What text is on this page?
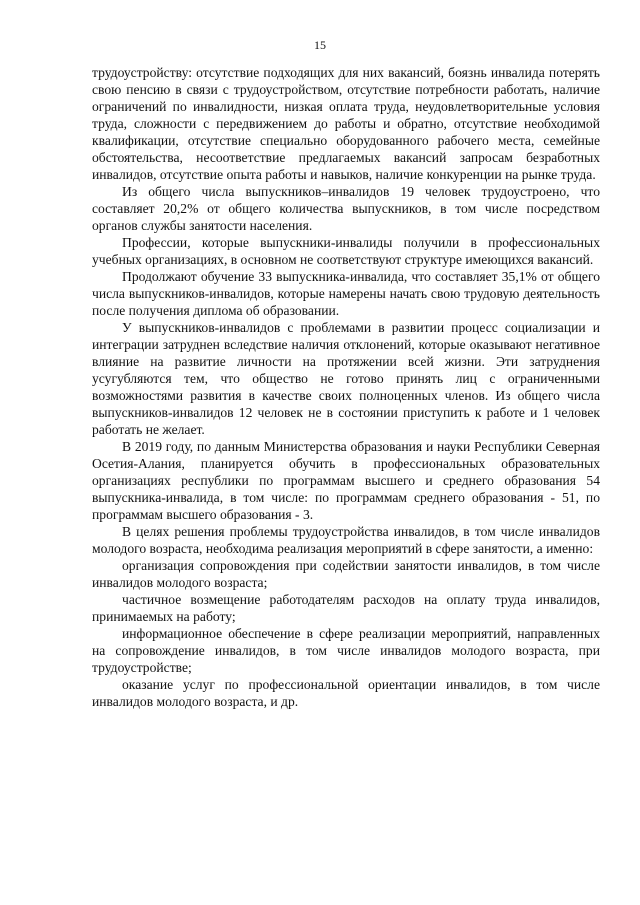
15

трудоустройству: отсутствие подходящих для них вакансий, боязнь инвалида потерять свою пенсию в связи с трудоустройством, отсутствие потребности работать, наличие ограничений по инвалидности, низкая оплата труда, неудовлетворительные условия труда, сложности с передвижением до работы и обратно, отсутствие необходимой квалификации, отсутствие специально оборудованного рабочего места, семейные обстоятельства, несоответствие предлагаемых вакансий запросам безработных инвалидов, отсутствие опыта работы и навыков, наличие конкуренции на рынке труда.

Из общего числа выпускников–инвалидов 19 человек трудоустроено, что составляет 20,2% от общего количества выпускников, в том числе посредством органов службы занятости населения.

Профессии, которые выпускники-инвалиды получили в профессиональных учебных организациях, в основном не соответствуют структуре имеющихся вакансий.

Продолжают обучение 33 выпускника-инвалида, что составляет 35,1% от общего числа выпускников-инвалидов, которые намерены начать свою трудовую деятельность после получения диплома об образовании.

У выпускников-инвалидов с проблемами в развитии процесс социализации и интеграции затруднен вследствие наличия отклонений, которые оказывают негативное влияние на развитие личности на протяжении всей жизни. Эти затруднения усугубляются тем, что общество не готово принять лиц с ограниченными возможностями развития в качестве своих полноценных членов. Из общего числа выпускников-инвалидов 12 человек не в состоянии приступить к работе и 1 человек работать не желает.

В 2019 году, по данным Министерства образования и науки Республики Северная Осетия-Алания, планируется обучить в профессиональных образовательных организациях республики по программам высшего и среднего образования 54 выпускника-инвалида, в том числе: по программам среднего образования - 51, по программам высшего образования - 3.

В целях решения проблемы трудоустройства инвалидов, в том числе инвалидов молодого возраста, необходима реализация мероприятий в сфере занятости, а именно:

организация сопровождения при содействии занятости инвалидов, в том числе инвалидов молодого возраста;

частичное возмещение работодателям расходов на оплату труда инвалидов, принимаемых на работу;

информационное обеспечение в сфере реализации мероприятий, направленных на сопровождение инвалидов, в том числе инвалидов молодого возраста, при трудоустройстве;

оказание услуг по профессиональной ориентации инвалидов, в том числе инвалидов молодого возраста, и др.
